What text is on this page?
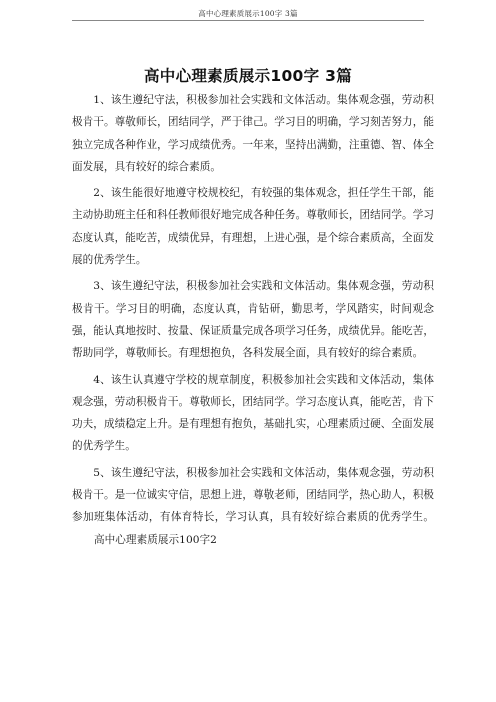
高中心理素质展示100字 3篇
高中心理素质展示100字 3篇

1、该生遵纪守法，积极参加社会实践和文体活动。集体观念强，劳动积极肯干。尊敬师长，团结同学，严于律己。学习目的明确，学习刻苦努力，能独立完成各种作业，学习成绩优秀。一年来，坚持出满勤，注重德、智、体全面发展，具有较好的综合素质。

2、该生能很好地遵守校规校纪，有较强的集体观念，担任学生干部，能主动协助班主任和科任教师很好地完成各种任务。尊敬师长，团结同学。学习态度认真，能吃苦，成绩优异，有理想，上进心强，是个综合素质高，全面发展的优秀学生。

3、该生遵纪守法，积极参加社会实践和文体活动。集体观念强，劳动积极肯干。学习目的明确，态度认真，肯钻研，勤思考，学风踏实，时间观念强，能认真地按时、按量、保证质量完成各项学习任务，成绩优异。能吃苦，帮助同学，尊敬师长。有理想抱负，各科发展全面，具有较好的综合素质。

4、该生认真遵守学校的规章制度，积极参加社会实践和文体活动，集体观念强，劳动积极肯干。尊敬师长，团结同学。学习态度认真，能吃苦，肯下功夫，成绩稳定上升。是有理想有抱负，基础扎实，心理素质过硬、全面发展的优秀学生。

5、该生遵纪守法，积极参加社会实践和文体活动，集体观念强，劳动积极肯干。是一位诚实守信，思想上进，尊敬老师，团结同学，热心助人，积极参加班集体活动，有体育特长，学习认真，具有较好综合素质的优秀学生。高中心理素质展示100字2
